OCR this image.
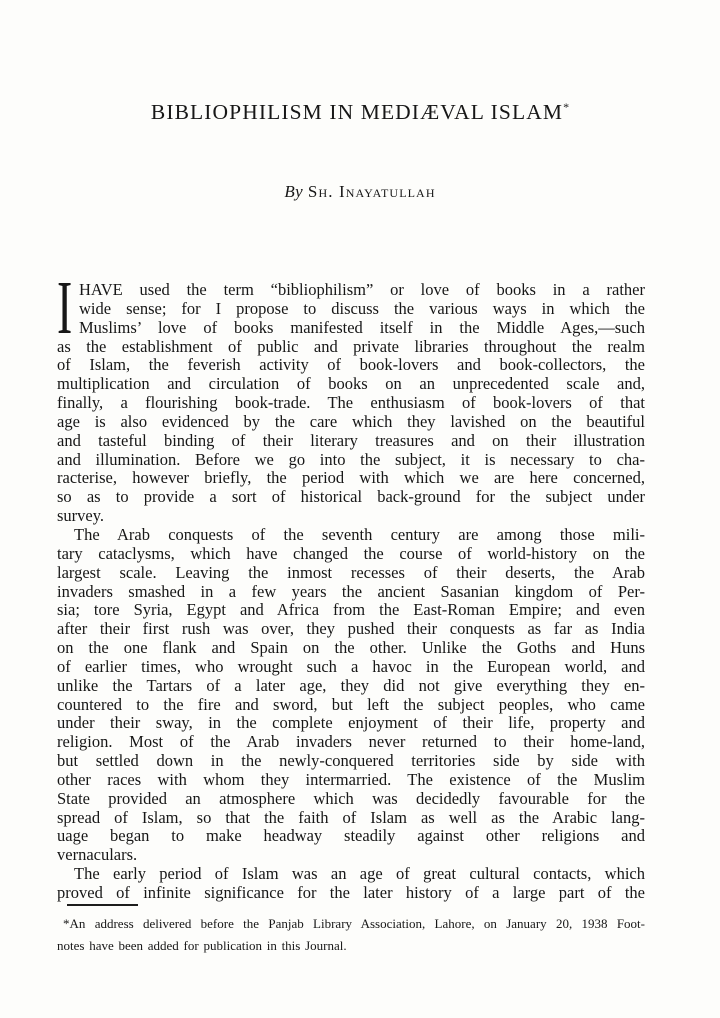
BIBLIOPHILISM IN MEDIÆVAL ISLAM*
By Sh. Inayatullah
I HAVE used the term “bibliophilism” or love of books in a rather
wide sense; for I propose to discuss the various ways in which the
Muslims’ love of books manifested itself in the Middle Ages,—such
as the establishment of public and private libraries throughout the realm
of Islam, the feverish activity of book-lovers and book-collectors, the
multiplication and circulation of books on an unprecedented scale and,
finally, a flourishing book-trade. The enthusiasm of book-lovers of that
age is also evidenced by the care which they lavished on the beautiful
and tasteful binding of their literary treasures and on their illustration
and illumination. Before we go into the subject, it is necessary to cha-
racterise, however briefly, the period with which we are here concerned,
so as to provide a sort of historical back-ground for the subject under
survey.
The Arab conquests of the seventh century are among those mili-
tary cataclysms, which have changed the course of world-history on the
largest scale. Leaving the inmost recesses of their deserts, the Arab
invaders smashed in a few years the ancient Sasanian kingdom of Per-
sia; tore Syria, Egypt and Africa from the East-Roman Empire; and even
after their first rush was over, they pushed their conquests as far as India
on the one flank and Spain on the other. Unlike the Goths and Huns
of earlier times, who wrought such a havoc in the European world, and
unlike the Tartars of a later age, they did not give everything they en-
countered to the fire and sword, but left the subject peoples, who came
under their sway, in the complete enjoyment of their life, property and
religion. Most of the Arab invaders never returned to their home-land,
but settled down in the newly-conquered territories side by side with
other races with whom they intermarried. The existence of the Muslim
State provided an atmosphere which was decidedly favourable for the
spread of Islam, so that the faith of Islam as well as the Arabic lang-
uage began to make headway steadily against other religions and
vernaculars.
The early period of Islam was an age of great cultural contacts, which
proved of infinite significance for the later history of a large part of the
*An address delivered before the Panjab Library Association, Lahore, on January 20, 1938 Foot-
notes have been added for publication in this Journal.
